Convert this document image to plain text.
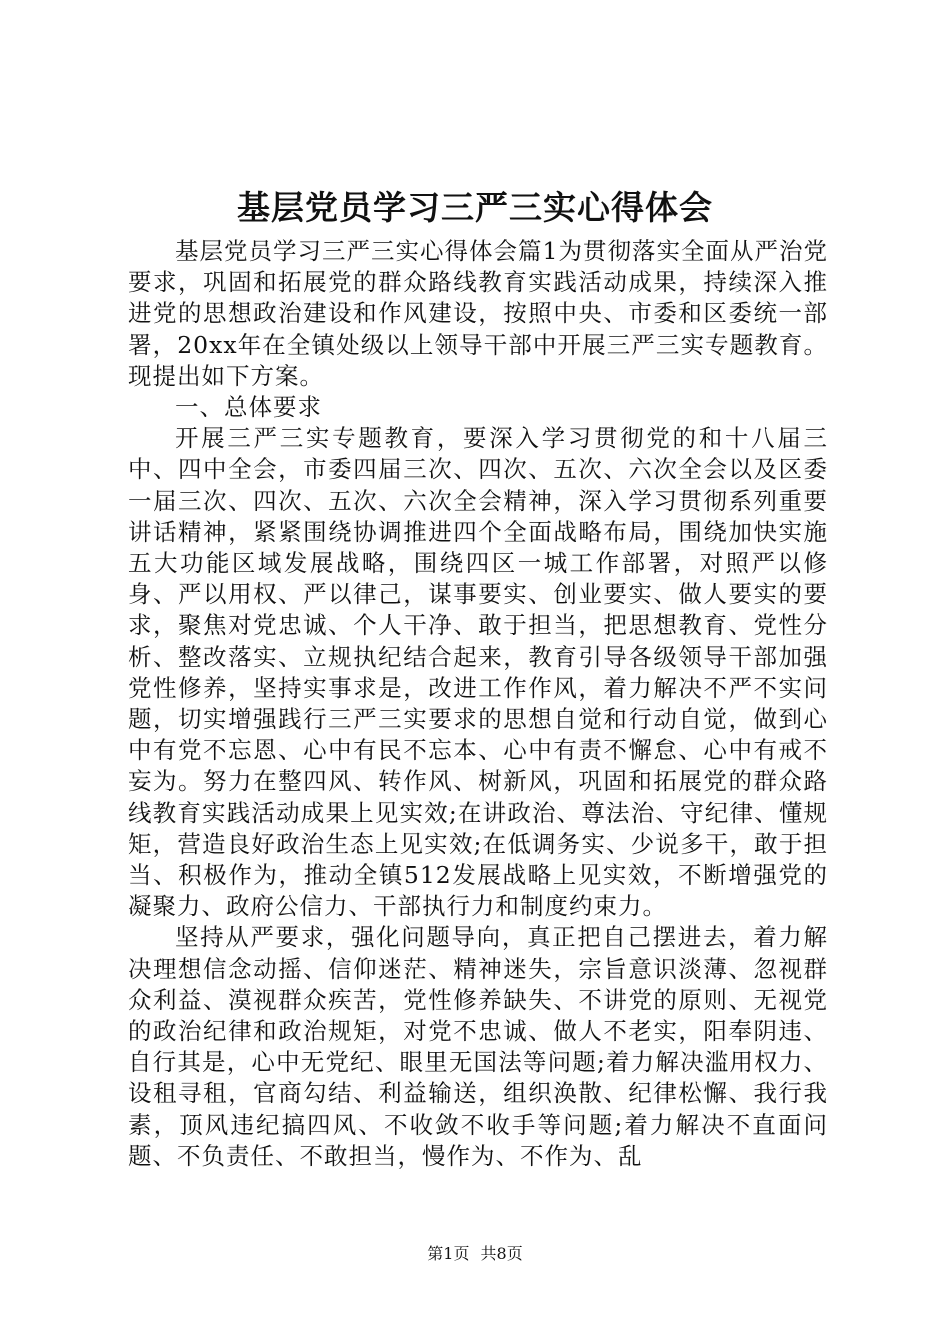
基层党员学习三严三实心得体会

基层党员学习三严三实心得体会篇1为贯彻落实全面从严治党要求，巩固和拓展党的群众路线教育实践活动成果，持续深入推进党的思想政治建设和作风建设，按照中央、市委和区委统一部署，20xx年在全镇处级以上领导干部中开展三严三实专题教育。现提出如下方案。

一、总体要求

开展三严三实专题教育，要深入学习贯彻党的和十八届三中、四中全会，市委四届三次、四次、五次、六次全会以及区委一届三次、四次、五次、六次全会精神，深入学习贯彻系列重要讲话精神，紧紧围绕协调推进四个全面战略布局，围绕加快实施五大功能区域发展战略，围绕四区一城工作部署，对照严以修身、严以用权、严以律己，谋事要实、创业要实、做人要实的要求，聚焦对党忠诚、个人干净、敢于担当，把思想教育、党性分析、整改落实、立规执纪结合起来，教育引导各级领导干部加强党性修养，坚持实事求是，改进工作作风，着力解决不严不实问题，切实增强践行三严三实要求的思想自觉和行动自觉，做到心中有党不忘恩、心中有民不忘本、心中有责不懈怠、心中有戒不妄为。努力在整四风、转作风、树新风，巩固和拓展党的群众路线教育实践活动成果上见实效;在讲政治、尊法治、守纪律、懂规矩，营造良好政治生态上见实效;在低调务实、少说多干，敢于担当、积极作为，推动全镇512发展战略上见实效，不断增强党的凝聚力、政府公信力、干部执行力和制度约束力。

坚持从严要求，强化问题导向，真正把自己摆进去，着力解决理想信念动摇、信仰迷茫、精神迷失，宗旨意识淡薄、忽视群众利益、漠视群众疾苦，党性修养缺失、不讲党的原则、无视党的政治纪律和政治规矩，对党不忠诚、做人不老实，阳奉阴违、自行其是，心中无党纪、眼里无国法等问题;着力解决滥用权力、设租寻租，官商勾结、利益输送，组织涣散、纪律松懈、我行我素，顶风违纪搞四风、不收敛不收手等问题;着力解决不直面问题、不负责任、不敢担当，慢作为、不作为、乱

第1页 共8页
